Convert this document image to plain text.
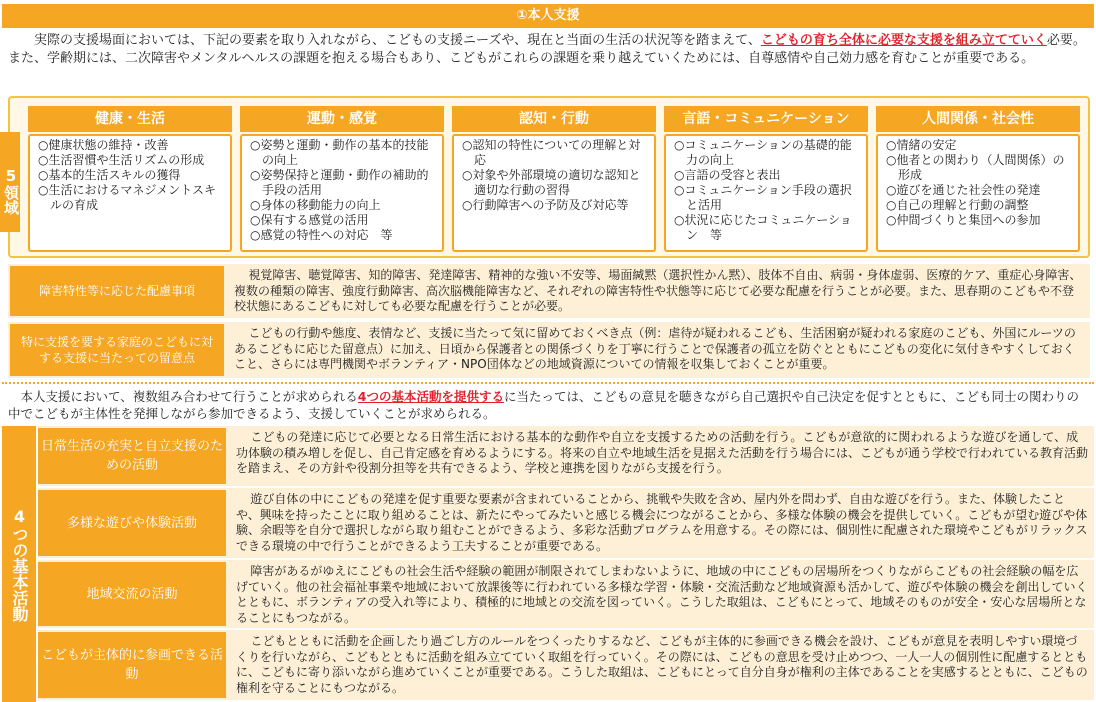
①本人支援
実際の支援場面においては、下記の要素を取り入れながら、こどもの支援ニーズや、現在と当面の生活の状況等を踏まえて、こどもの育ち全体に必要な支援を組み立てていく必要。また、学齢期には、二次障害やメンタルヘルスの課題を抱える場合もあり、こどもがこれらの課題を乗り越えていくためには、自尊感情や自己効力感を育むことが重要である。
5領域
健康・生活
○健康状態の維持・改善
○生活習慣や生活リズムの形成
○基本的生活スキルの獲得
○生活におけるマネジメントスキルの育成
運動・感覚
○姿勢と運動・動作の基本的技能の向上
○姿勢保持と運動・動作の補助的手段の活用
○身体の移動能力の向上
○保有する感覚の活用
○感覚の特性への対応　等
認知・行動
○認知の特性についての理解と対応
○対象や外部環境の適切な認知と適切な行動の習得
○行動障害への予防及び対応等
言語・コミュニケーション
○コミュニケーションの基礎的能力の向上
○言語の受容と表出
○コミュニケーション手段の選択と活用
○状況に応じたコミュニケーション　等
人間関係・社会性
○情緒の安定
○他者との関わり（人間関係）の形成
○遊びを通じた社会性の発達
○自己の理解と行動の調整
○仲間づくりと集団への参加
障害特性等に応じた配慮事項
視覚障害、聴覚障害、知的障害、発達障害、精神的な強い不安等、場面緘黙（選択性かん黙）、肢体不自由、病弱・身体虚弱、医療的ケア、重症心身障害、複数の種類の障害、強度行動障害、高次脳機能障害など、それぞれの障害特性や状態等に応じて必要な配慮を行うことが必要。また、思春期のこどもや不登校状態にあるこどもに対しても必要な配慮を行うことが必要。
特に支援を要する家庭のこどもに対する支援に当たっての留意点
こどもの行動や態度、表情など、支援に当たって気に留めておくべき点（例：虐待が疑われるこども、生活困窮が疑われる家庭のこども、外国にルーツのあるこどもに応じた留意点）に加え、日頃から保護者との関係づくりを丁寧に行うことで保護者の孤立を防ぐとともにこどもの変化に気付きやすくしておくこと、さらには専門機関やボランティア・NPO団体などの地域資源についての情報を収集しておくことが重要。
本人支援において、複数組み合わせて行うことが求められる4つの基本活動を提供するに当たっては、こどもの意見を聴きながら自己選択や自己決定を促すとともに、こども同士の関わりの中でこどもが主体性を発揮しながら参加できるよう、支援していくことが求められる。
4つの基本活動
日常生活の充実と自立支援のための活動
こどもの発達に応じて必要となる日常生活における基本的な動作や自立を支援するための活動を行う。こどもが意欲的に関われるような遊びを通して、成功体験の積み増しを促し、自己肯定感を育めるようにする。将来の自立や地域生活を見据えた活動を行う場合には、こどもが通う学校で行われている教育活動を踏まえ、その方針や役割分担等を共有できるよう、学校と連携を図りながら支援を行う。
多様な遊びや体験活動
遊び自体の中にこどもの発達を促す重要な要素が含まれていることから、挑戦や失敗を含め、屋内外を問わず、自由な遊びを行う。また、体験したことや、興味を持ったことに取り組めることは、新たにやってみたいと感じる機会につながることから、多様な体験の機会を提供していく。こどもが望む遊びや体験、余暇等を自分で選択しながら取り組むことができるよう、多彩な活動プログラムを用意する。その際には、個別性に配慮された環境やこどもがリラックスできる環境の中で行うことができるよう工夫することが重要である。
地域交流の活動
障害があるがゆえにこどもの社会生活や経験の範囲が制限されてしまわないように、地域の中にこどもの居場所をつくりながらこどもの社会経験の幅を広げていく。他の社会福祉事業や地域において放課後等に行われている多様な学習・体験・交流活動など地域資源も活かして、遊びや体験の機会を創出していくとともに、ボランティアの受入れ等により、積極的に地域との交流を図っていく。こうした取組は、こどもにとって、地域そのものが安全・安心な居場所となることにもつながる。
こどもが主体的に参画できる活動
こどもとともに活動を企画したり過ごし方のルールをつくったりするなど、こどもが主体的に参画できる機会を設け、こどもが意見を表明しやすい環境づくりを行いながら、こどもとともに活動を組み立てていく取組を行っていく。その際には、こどもの意思を受け止めつつ、一人一人の個別性に配慮するとともに、こどもに寄り添いながら進めていくことが重要である。こうした取組は、こどもにとって自分自身が権利の主体であることを実感するとともに、こどもの権利を守ることにもつながる。
